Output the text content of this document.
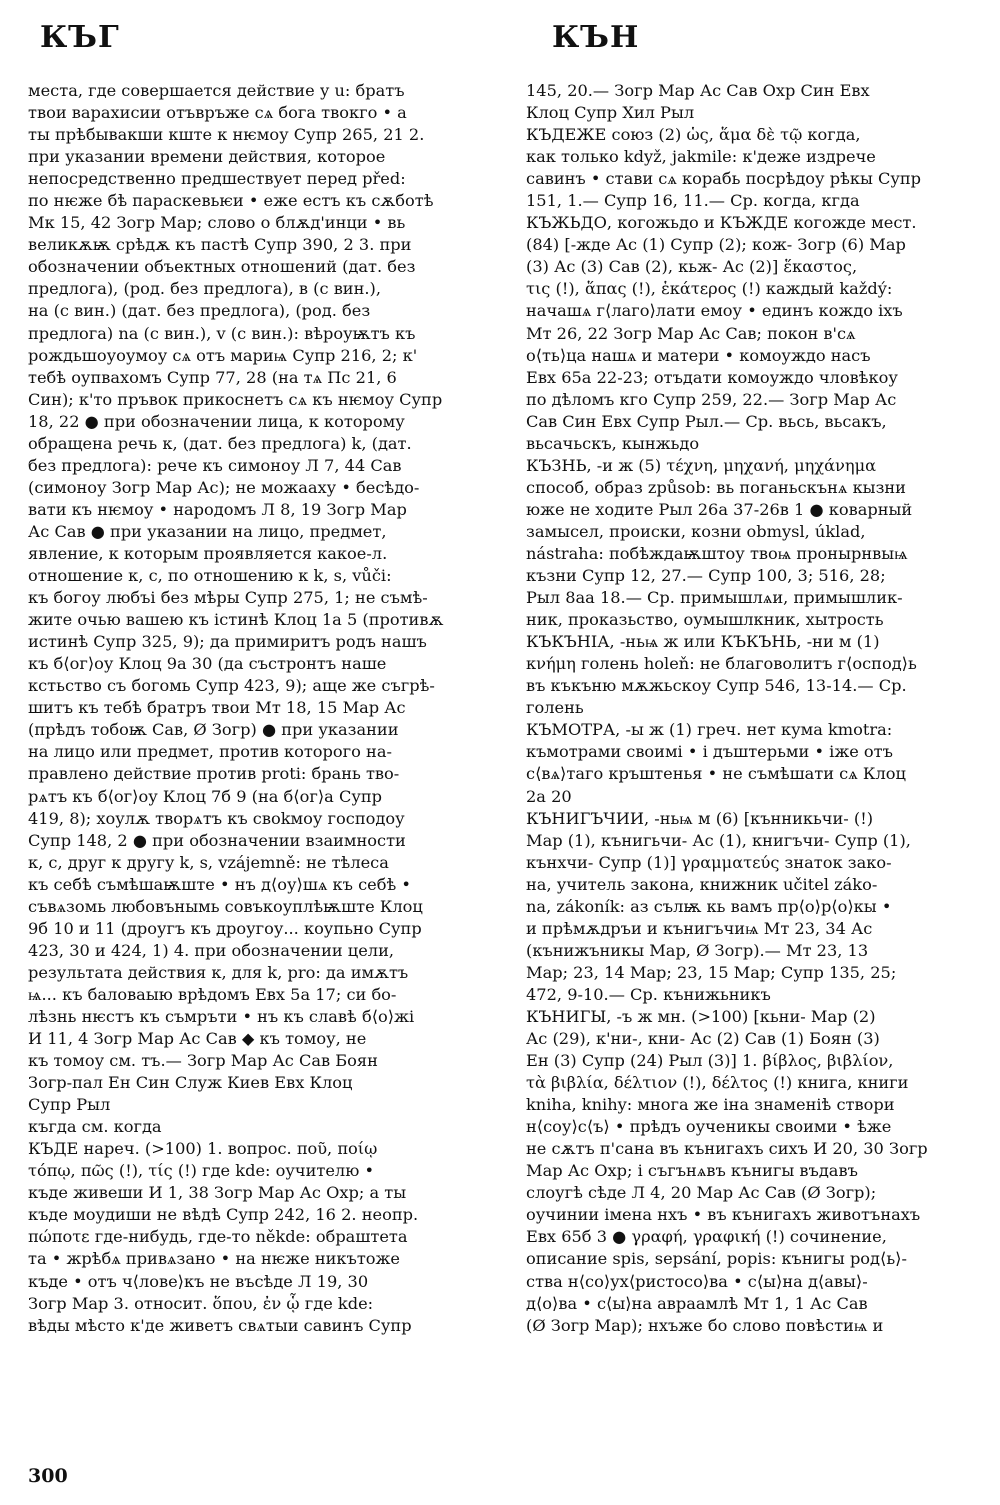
КЪГ	КЪН
места, где совершается действие у u: братъ
твои варахисии отъвръже сѧ бога твокго • а
ты прѣбывакши кште к нѥмоу Супр 265, 21 2.
при указании времени действия, которое
непосредственно предшествует перед před:
по нѥже бѣ параскевьѥи • еже естъ къ сѫботѣ
Мк 15, 42 Зогр Мар; слово о блѫд'инци • вь
великѫѭ срѣдѫ къ пастѣ Супр 390, 2 3. при
обозначении объектных отношений (дат. без
предлога), (род. без предлога), в (с вин.),
на (с вин.) (дат. без предлога), (род. без
предлога) na (с вин.), v (с вин.): вѣроуѭтъ къ
рождьшоуоумоу сѧ отъ мариѩ Супр 216, 2; к'
тебѣ оупвахомъ Супр 77, 28 (на тѧ Пс 21, 6
Син); к'то пръвок прикоснетъ сѧ къ нѥмоу Супр
18, 22 ● при обозначении лица, к которому
обращена речь к, (дат. без предлога) k, (дат.
без предлога): рече къ симоноу Л 7, 44 Сав
(симоноу Зогр Мар Ас); не можааху • бесѣдо-
вати къ нѥмоу • народомъ Л 8, 19 Зогр Мар
Ас Сав ● при указании на лицо, предмет,
явление, к которым проявляется какое-л.
отношение к, с, по отношению к k, s, vůči:
къ богоу любъі без мѣры Супр 275, 1; не съмѣ-
жите очью вашею къ істинѣ Клоц 1а 5 (противѫ
истинѣ Супр 325, 9); да примиритъ родъ нашъ
къ б⟨ог⟩оу Клоц 9а 30 (да състронтъ наше
кстьство съ богомь Супр 423, 9); аще же съгрѣ-
шитъ къ тебѣ братръ твои Мт 18, 15 Мар Ас
(прѣдъ тобоѭ Сав, Ø Зогр) ● при указании
на лицо или предмет, против которого на-
правлено действие против proti: брань тво-
рѧтъ къ б⟨ог⟩оу Клоц 7б 9 (на б⟨ог⟩а Супр
419, 8); хоулѫ творѧтъ къ своkмоу господоу
Супр 148, 2 ● при обозначении взаимности
к, с, друг к другу k, s, vzájemně: не тѣлеса
къ себѣ съмѣшаѭште • нъ д⟨оу⟩шѧ къ себѣ •
съвѧзомь любовънымь совъкоуплѣѭште Клоц
9б 10 и 11 (дроугъ къ дроугоу... коупьно Супр
423, 30 и 424, 1) 4. при обозначении цели,
результата действия к, для k, pro: да имѫтъ
ѩ... къ баловаыю врѣдомъ Евх 5а 17; си бо-
лѣзнь нѥстъ къ съмръти • нъ къ славѣ б⟨о⟩жі
И 11, 4 Зогр Мар Ас Сав ◆ къ томоу, не
къ томоу см. тъ.— Зогр Мар Ас Сав Боян
Зогр-пал Ен Син Служ Киев Евх Клоц
Супр Рыл
къгда см. когда
КЪДЕ нареч. (>100) 1. вопрос. ποῦ, ποίῳ
τόπῳ, πῶς (!), τίς (!) где kde: оучителю •
къде живеши И 1, 38 Зогр Мар Ас Охр; а ты
къде моудиши не вѣдѣ Супр 242, 16 2. неопр.
πώποτε где-нибудь, где-то někde: обраштета
та • жрѣбѧ привѧзано • на нѥже никътоже
къде • отъ ч⟨лове⟩къ не въсѣде Л 19, 30
Зогр Мар 3. относит. ὅπου, ἐν ᾧ где kde:
вѣды мѣсто к'де живетъ свѧтыи савинъ Супр
145, 20.— Зогр Мар Ас Сав Охр Син Евх
Клоц Супр Хил Рыл
КЪДЕЖЕ союз (2) ὡς, ἅμα δὲ τῷ когда,
как только když, jakmile: к'деже издрече
савинъ • стави сѧ корабь посрѣдоу рѣкы Супр
151, 1.— Супр 16, 11.— Ср. когда, кгда
КЪЖЬДО, когожьдо и КЪЖДЕ когожде мест.
(84) [-жде Ас (1) Супр (2); кож- Зогр (6) Мар
(3) Ас (3) Сав (2), кьж- Ас (2)] ἕκαστος,
τις (!), ἅπας (!), ἑκάτερος (!) каждый každý:
начашѧ г⟨лаго⟩лати емоу • единъ кождо іхъ
Мт 26, 22 Зогр Мар Ас Сав; покон в'сѧ
о⟨ть⟩ца нашѧ и матери • комоуждо насъ
Евх 65а 22-23; отъдати комоуждо чловѣкоу
по дѣломъ кго Супр 259, 22.— Зогр Мар Ас
Сав Син Евх Супр Рыл.— Ср. вьсь, вьсакъ,
вьсачьскъ, кынжьдо
КЪЗНЬ, -и ж (5) τέχνη, μηχανή, μηχάνημα
способ, образ způsob: вь поганьскънѧ кызни
юже не ходите Рыл 26а 37-26в 1 ● коварный
замысел, происки, козни obmysl, úklad,
nástraha: побѣждаѭштоу твоѩ пронырнвыѩ
къзни Супр 12, 27.— Супр 100, 3; 516, 28;
Рыл 8аа 18.— Ср. примышлѧи, примышлик-
ник, проказьство, оумышлкник, хытрость
КЪКЪНІА, -ньѩ ж или КЪКЪНЬ, -ни м (1)
κνήμη голень holeň: не благоволитъ г⟨оспод⟩ь
въ къкъню мѫжьскоу Супр 546, 13-14.— Ср.
голень
КЪМОТРА, -ы ж (1) греч. нет кума kmotra:
къмотрами своимі • і дъштерьми • іже отъ
с⟨вѧ⟩таго кръштенья • не съмѣшати сѧ Клоц
2а 20
КЪНИГЪЧИИ, -ньѩ м (6) [кънникьчи- (!)
Мар (1), кънигьчи- Ас (1), книгъчи- Супр (1),
кънхчи- Супр (1)] γραμματεύς знаток зако-
на, учитель закона, книжник učitel záko-
na, zákoník: аз сълѭ кь вамъ пр⟨о⟩р⟨о⟩кы •
и прѣмѫдръи и кънигъчиѩ Мт 23, 34 Ас
(кънижъникы Мар, Ø Зогр).— Мт 23, 13
Мар; 23, 14 Мар; 23, 15 Мар; Супр 135, 25;
472, 9-10.— Ср. кънижьникъ
КЪНИГЫ, -ъ ж мн. (>100) [кьни- Мар (2)
Ас (29), к'ни-, кни- Ас (2) Сав (1) Боян (3)
Ен (3) Супр (24) Рыл (3)] 1. βίβλος, βιβλίον,
τὰ βιβλία, δέλτιον (!), δέλτος (!) книга, книги
kniha, knihy: многа же іна знаменіѣ створи
н⟨соу⟩с⟨ъ⟩ • прѣдъ оученикы своими • ѣже
не сѫтъ п'сана въ кънигахъ сихъ И 20, 30 Зогр
Мар Ас Охр; і съгънѧвъ кънигы въдавъ
слоугѣ сѣде Л 4, 20 Мар Ас Сав (Ø Зогр);
оучинии імена нхъ • въ кънигахъ животънахъ
Евх 65б 3 ● γραφή, γραφική (!) сочинение,
описание spis, sepsání, popis: кънигы род⟨ь⟩-
ства н⟨со⟩ух⟨ристосо⟩ва • с⟨ы⟩на д⟨авы⟩-
д⟨о⟩ва • с⟨ы⟩на авраамлѣ Мт 1, 1 Ас Сав
(Ø Зогр Мар); нхъже бо слово повѣстиѩ и
300
